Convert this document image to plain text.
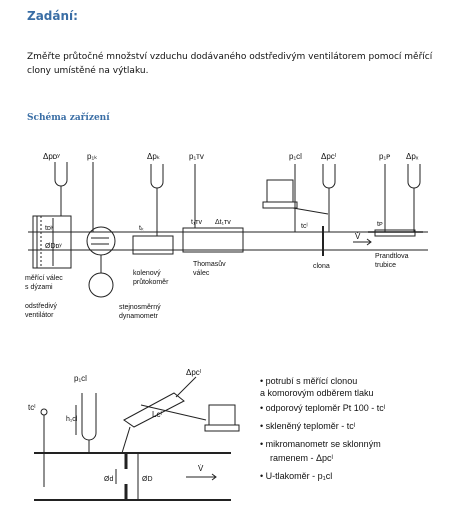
Zadání:

Změřte průtočné množství vzduchu dodávaného odstředivým ventilátorem pomocí měřící clony umístěné na výtlaku.

Schéma zařízení
Δpᴅʸ	p₁ₖ	Δpₖ	p₁ᴛᴠ	p₁cl Δpᴄˡ	p₁ᴘ Δpₓ
tᴅʸ
ØDᴅʸ
tₖ
t₁ᴛᴠ Δt₁ᴛᴠ
tᴄˡ	tᴘ
V̇
měřící válec
s dýzami
odstředivý
ventilátor
kolenový
průtokoměr
stejnosměrný
dynamometr
Thomasův
válec
clona
Prandtlova
trubice
p₁cl
Δpᴄˡ
tᴄˡ
h₁cl
Lᴄˡ
Ød	ØD
V̇
• potrubí s měřící clonou
a komorovým odběrem tlaku
• odporový teploměr Pt 100 - tᴄˡ
• skleněný teploměr - tᴄˡ
• mikromanometr se sklonným
ramenem - Δpᴄˡ
• U-tlakoměr - p₁cl
